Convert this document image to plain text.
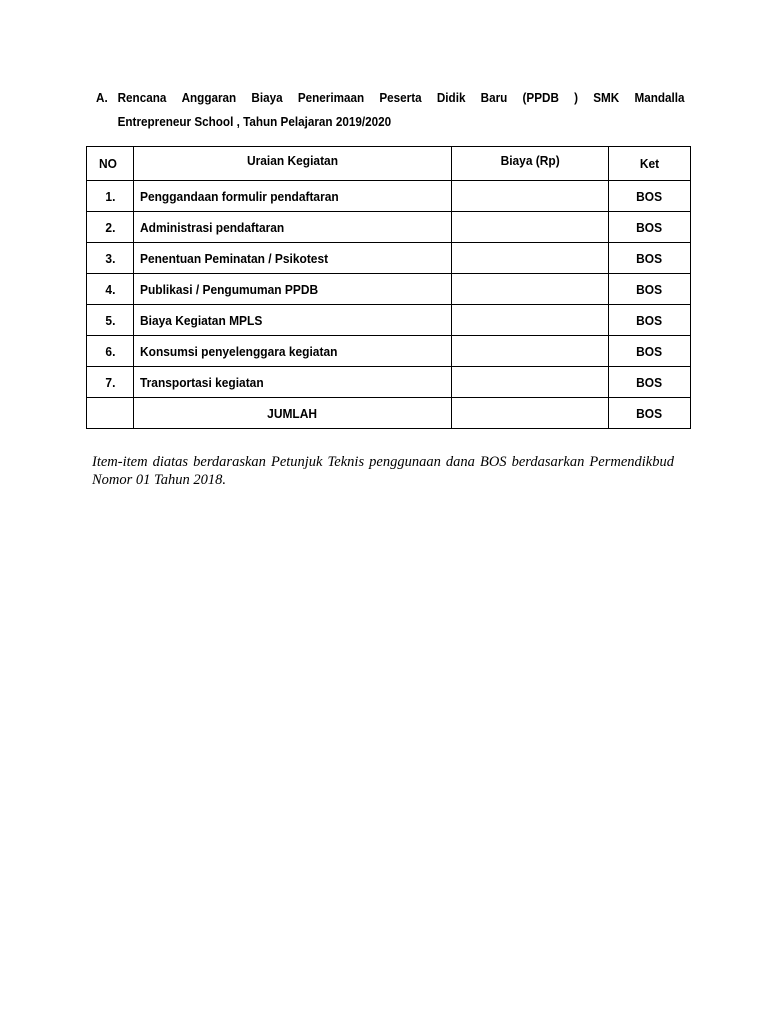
A. Rencana Anggaran Biaya Penerimaan Peserta Didik Baru (PPDB ) SMK Mandalla
Entrepreneur School , Tahun Pelajaran 2019/2020
NO	Uraian Kegiatan	Biaya (Rp)	Ket
1.	Penggandaan formulir pendaftaran		BOS
2.	Administrasi pendaftaran		BOS
3.	Penentuan Peminatan / Psikotest		BOS
4.	Publikasi / Pengumuman PPDB		BOS
5.	Biaya Kegiatan MPLS		BOS
6.	Konsumsi penyelenggara kegiatan		BOS
7.	Transportasi kegiatan		BOS
	JUMLAH		BOS
Item-item diatas berdaraskan Petunjuk Teknis penggunaan dana BOS berdasarkan Permendikbud Nomor 01 Tahun 2018.
